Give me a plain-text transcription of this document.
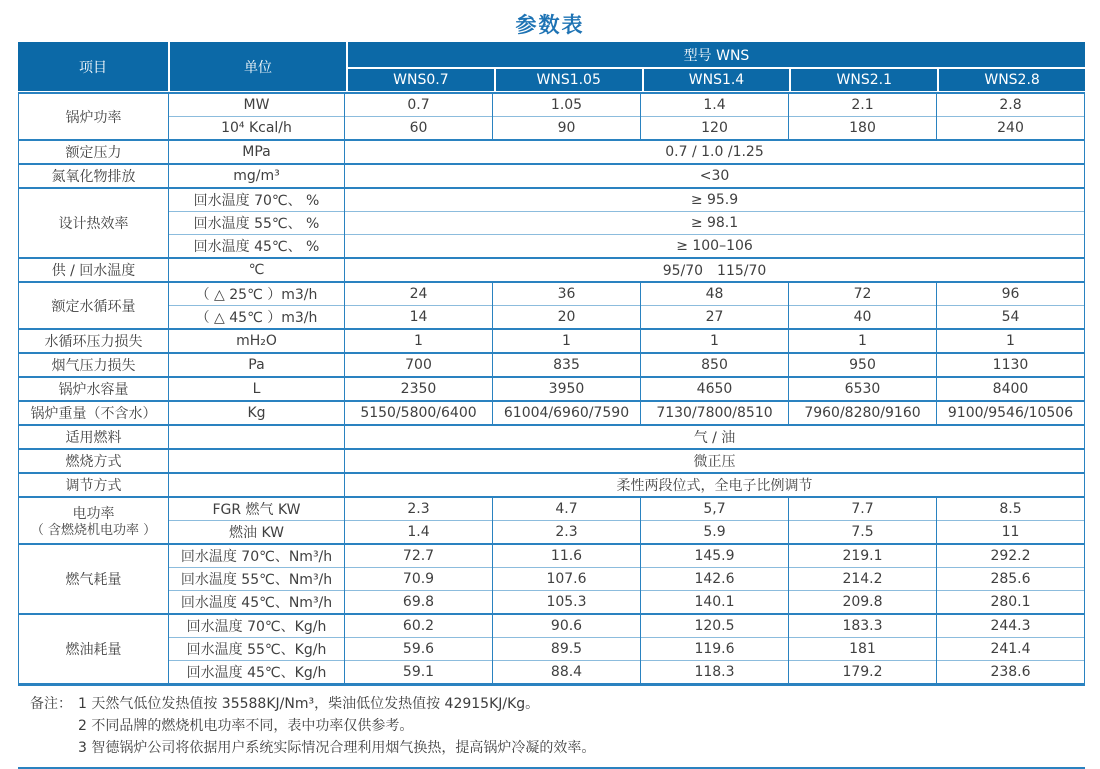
参数表
项目	单位
型号 WNS
WNS0.7	WNS1.05	WNS1.4	WNS2.1	WNS2.8
锅炉功率	MW	0.7	1.05	1.4	2.1	2.8
	10⁴ Kcal/h	60	90	120	180	240
额定压力	MPa	0.7 / 1.0 /1.25				
氮氧化物排放	mg/m³	<30				
设计热效率	回水温度 70℃、 %	≥ 95.9				
	回水温度 55℃、 %	≥ 98.1				
	回水温度 45℃、 %	≥ 100–106				
供 / 回水温度	℃	95/70　115/70				
额定水循环量	（ △ 25℃ ）m3/h	24	36	48	72	96
	（ △ 45℃ ）m3/h	14	20	27	40	54
水循环压力损失	mH₂O	1	1	1	1	1
烟气压力损失	Pa	700	835	850	950	1130
锅炉水容量	L	2350	3950	4650	6530	8400
锅炉重量（不含水）	Kg	5150/5800/6400	61004/6960/7590	7130/7800/8510	7960/8280/9160	9100/9546/10506
适用燃料		气 / 油				
燃烧方式		微正压				
调节方式		柔性两段位式，全电子比例调节				

电功率
（ 含燃烧机电功率 ）	FGR 燃气 KW	2.3	4.7	5,7	7.7	8.5
	燃油 KW	1.4	2.3	5.9	7.5	11
燃气耗量	回水温度 70℃、Nm³/h	72.7	11.6	145.9	219.1	292.2
	回水温度 55℃、Nm³/h	70.9	107.6	142.6	214.2	285.6
	回水温度 45℃、Nm³/h	69.8	105.3	140.1	209.8	280.1
燃油耗量	回水温度 70℃、Kg/h	60.2	90.6	120.5	183.3	244.3
	回水温度 55℃、Kg/h	59.6	89.5	119.6	181	241.4
	回水温度 45℃、Kg/h	59.1	88.4	118.3	179.2	238.6
备注： 1 天然气低位发热值按 35588KJ/Nm³，柴油低位发热值按 42915KJ/Kg。
2 不同品牌的燃烧机电功率不同，表中功率仅供参考。
3 智德锅炉公司将依据用户系统实际情况合理利用烟气换热，提高锅炉冷凝的效率。
